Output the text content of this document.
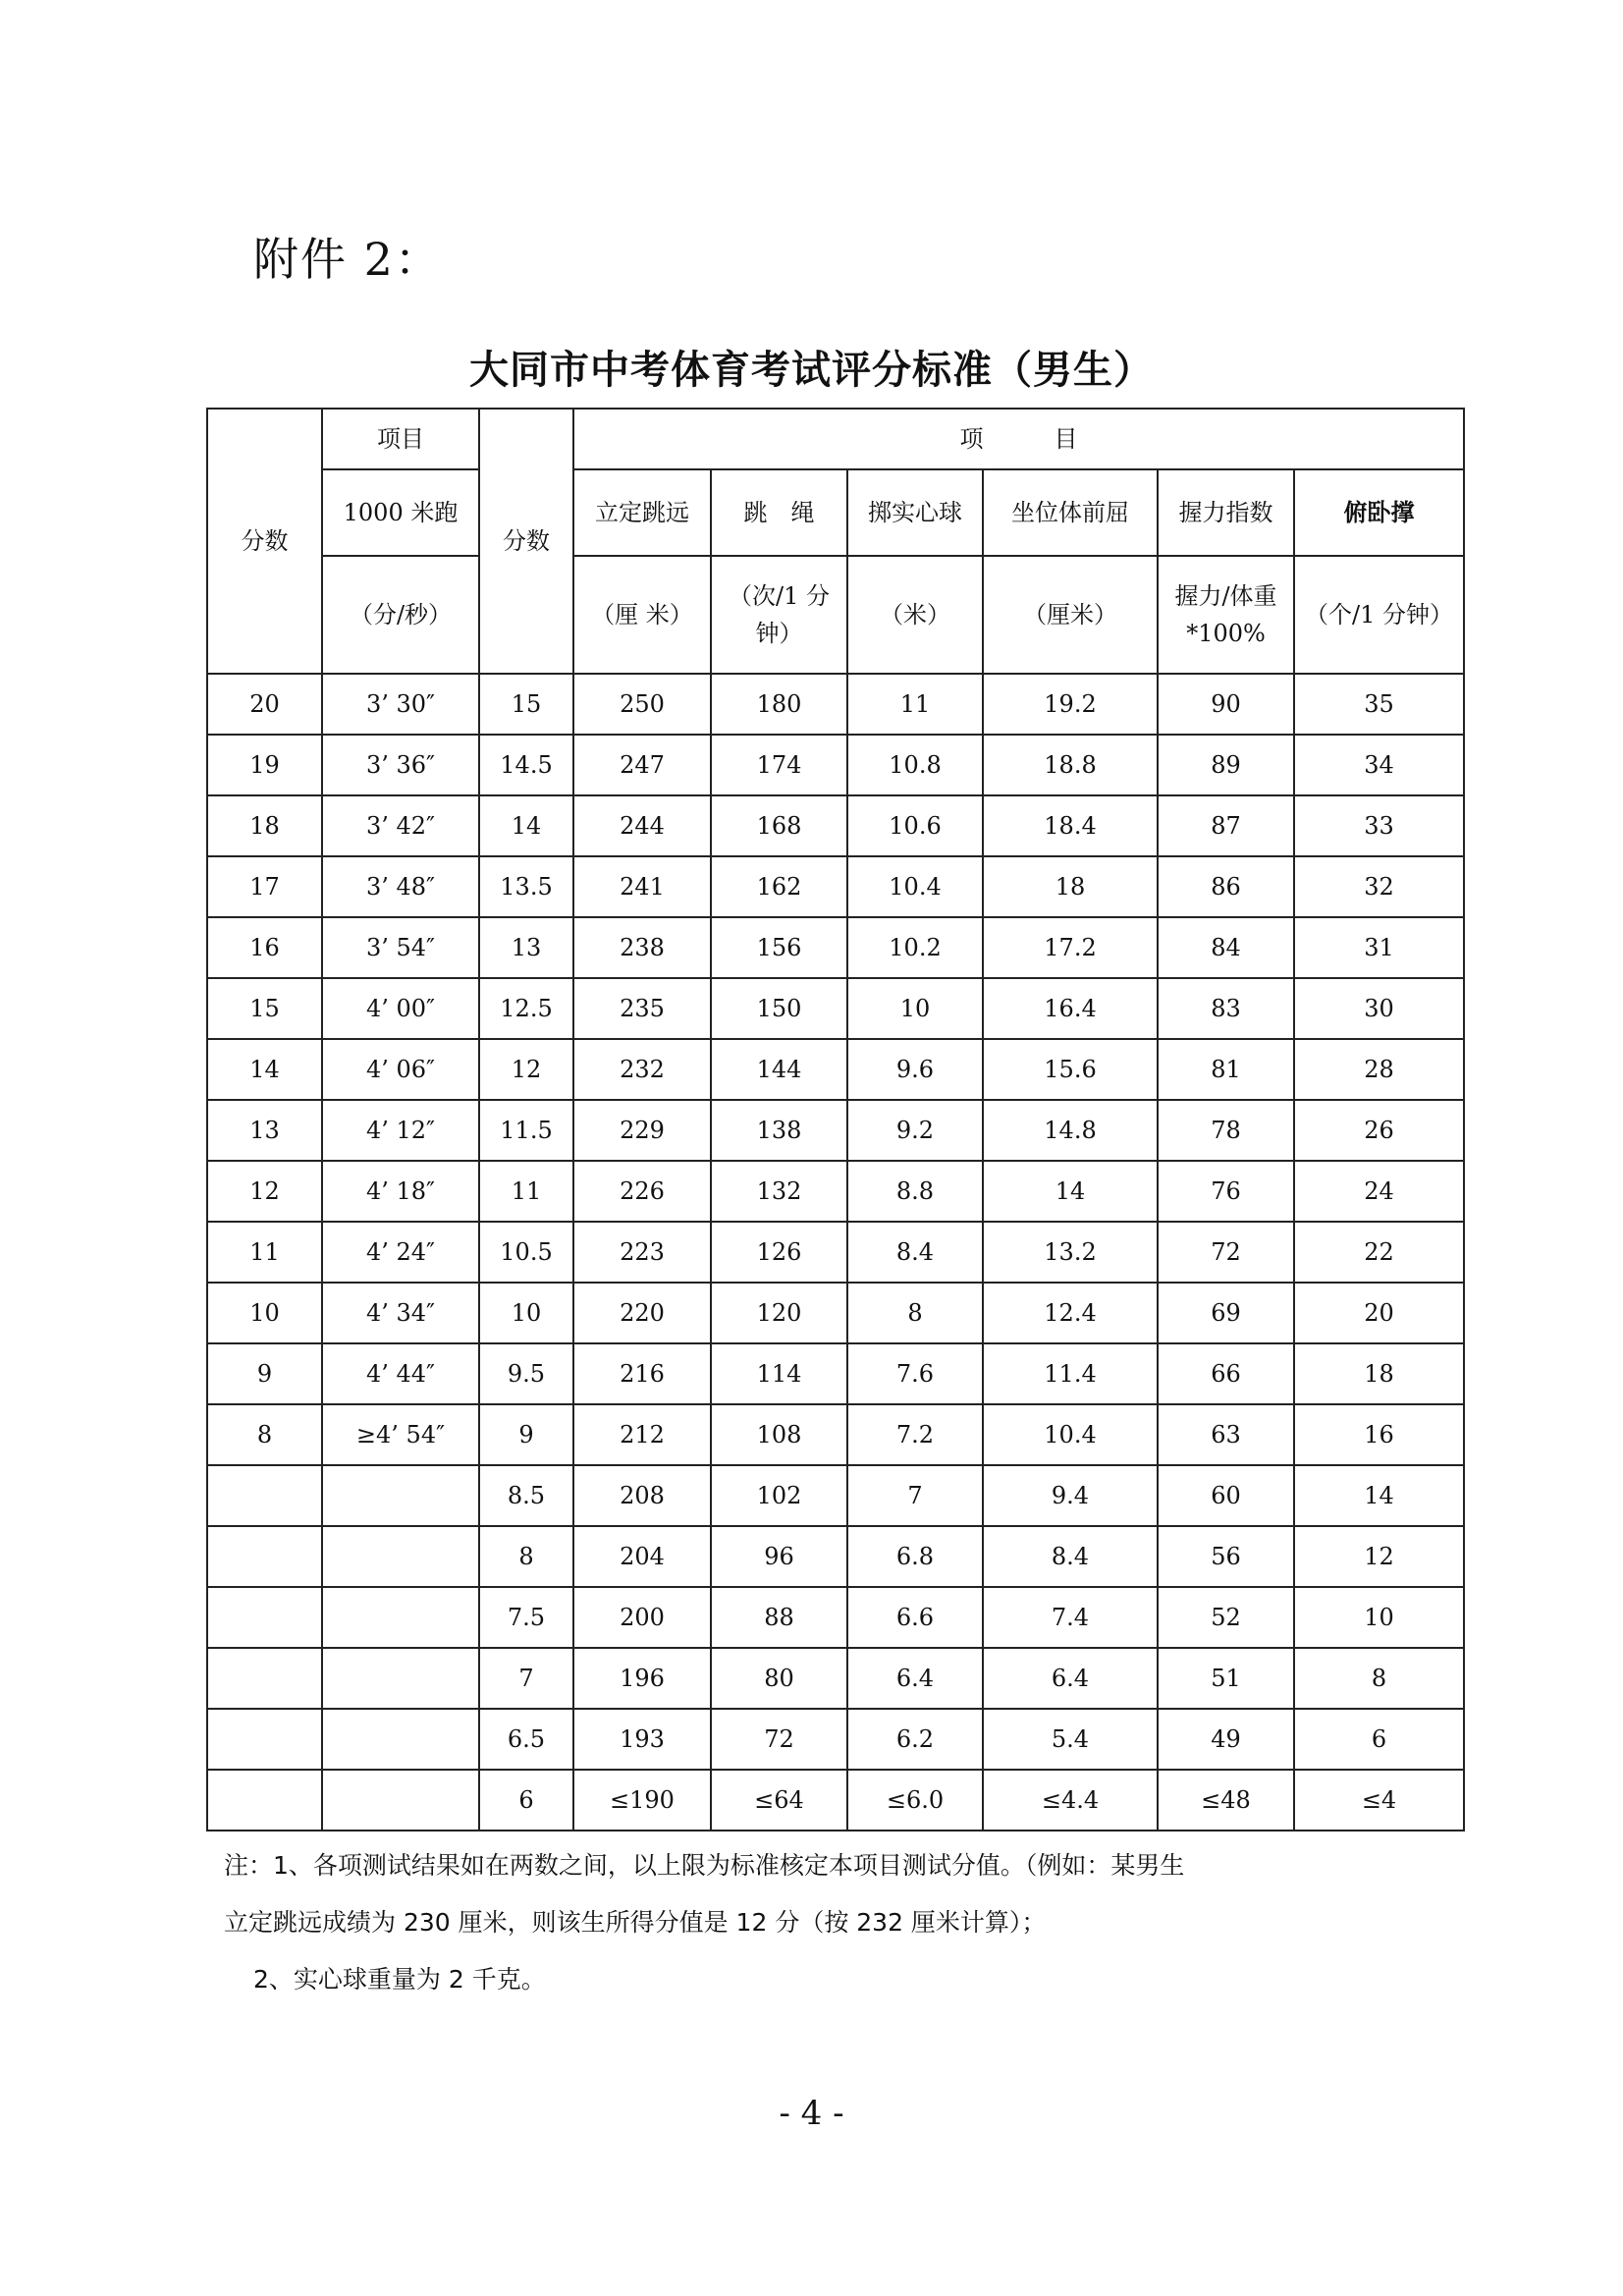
附件 2：
大同市中考体育考试评分标准（男生）
分数	项目	分数	项　　　目					
	1000 米跑		立定跳远	跳　绳	掷实心球	坐位体前屈	握力指数	俯卧撑
	（分/秒）		（厘 米）	（次/1 分钟）	（米）	（厘米）	握力/体重*100%	（个/1 分钟）
20	3’ 30″	15	250	180	11	19.2	90	35
19	3’ 36″	14.5	247	174	10.8	18.8	89	34
18	3’ 42″	14	244	168	10.6	18.4	87	33
17	3’ 48″	13.5	241	162	10.4	18	86	32
16	3’ 54″	13	238	156	10.2	17.2	84	31
15	4’ 00″	12.5	235	150	10	16.4	83	30
14	4’ 06″	12	232	144	9.6	15.6	81	28
13	4’ 12″	11.5	229	138	9.2	14.8	78	26
12	4’ 18″	11	226	132	8.8	14	76	24
11	4’ 24″	10.5	223	126	8.4	13.2	72	22
10	4’ 34″	10	220	120	8	12.4	69	20
9	4’ 44″	9.5	216	114	7.6	11.4	66	18
8	≥4’ 54″	9	212	108	7.2	10.4	63	16
		8.5	208	102	7	9.4	60	14
		8	204	96	6.8	8.4	56	12
		7.5	200	88	6.6	7.4	52	10
		7	196	80	6.4	6.4	51	8
		6.5	193	72	6.2	5.4	49	6
		6	≤190	≤64	≤6.0	≤4.4	≤48	≤4
注：1、各项测试结果如在两数之间，以上限为标准核定本项目测试分值。（例如：某男生
立定跳远成绩为 230 厘米，则该生所得分值是 12 分（按 232 厘米计算）；
2、实心球重量为 2 千克。
- 4 -
